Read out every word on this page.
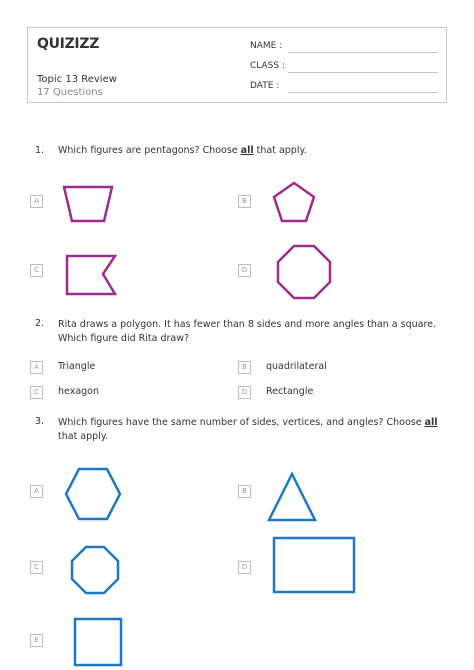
QUIZIZZ
Topic 13 Review
17 Questions
NAME :
CLASS :
DATE :
1. Which figures are pentagons? Choose all that apply.
A	B
C	D
2. Rita draws a polygon. It has fewer than 8 sides and more angles than a square. Which figure did Rita draw?
A	Triangle	B	quadrilateral
C	hexagon	D	Rectangle
3. Which figures have the same number of sides, vertices, and angles? Choose all that apply.
A	B
C	D
E
